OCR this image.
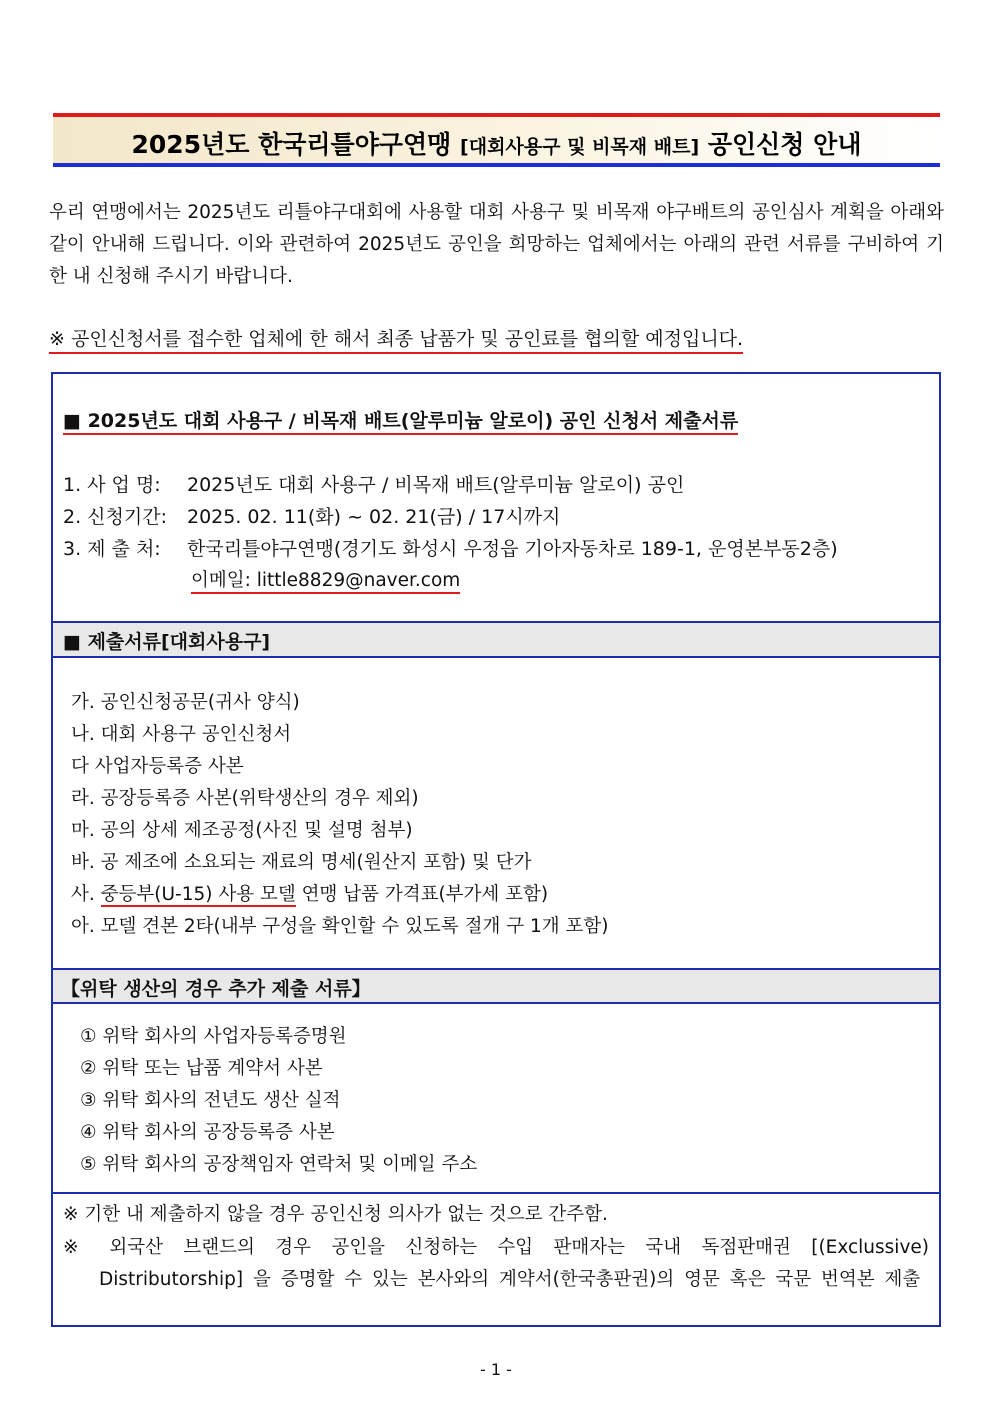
2025년도 한국리틀야구연맹 [대회사용구 및 비목재 배트] 공인신청 안내
우리 연맹에서는 2025년도 리틀야구대회에 사용할 대회 사용구 및 비목재 야구배트의 공인심사 계획을 아래와 같이 안내해 드립니다. 이와 관련하여 2025년도 공인을 희망하는 업체에서는 아래의 관련 서류를 구비하여 기한 내 신청해 주시기 바랍니다.
※ 공인신청서를 접수한 업체에 한 해서 최종 납품가 및 공인료를 협의할 예정입니다.
■ 2025년도 대회 사용구 / 비목재 배트(알루미늄 알로이) 공인 신청서 제출서류
1. 사 업 명: 2025년도 대회 사용구 / 비목재 배트(알루미늄 알로이) 공인
2. 신청기간: 2025. 02. 11(화) ~ 02. 21(금) / 17시까지
3. 제 출 처: 한국리틀야구연맹(경기도 화성시 우정읍 기아자동차로 189-1, 운영본부동2층)
이메일: little8829@naver.com
■ 제출서류[대회사용구]
가. 공인신청공문(귀사 양식)
나. 대회 사용구 공인신청서
다 사업자등록증 사본
라. 공장등록증 사본(위탁생산의 경우 제외)
마. 공의 상세 제조공정(사진 및 설명 첨부)
바. 공 제조에 소요되는 재료의 명세(원산지 포함) 및 단가
사. 중등부(U-15) 사용 모델 연맹 납품 가격표(부가세 포함)
아. 모델 견본 2타(내부 구성을 확인할 수 있도록 절개 구 1개 포함)
【위탁 생산의 경우 추가 제출 서류】
① 위탁 회사의 사업자등록증명원
② 위탁 또는 납품 계약서 사본
③ 위탁 회사의 전년도 생산 실적
④ 위탁 회사의 공장등록증 사본
⑤ 위탁 회사의 공장책임자 연락처 및 이메일 주소
※ 기한 내 제출하지 않을 경우 공인신청 의사가 없는 것으로 간주함.
※ 외국산 브랜드의 경우 공인을 신청하는 수입 판매자는 국내 독점판매권 [(Exclussive) Distributorship] 을 증명할 수 있는 본사와의 계약서(한국총판권)의 영문 혹은 국문 번역본 제출
- 1 -
